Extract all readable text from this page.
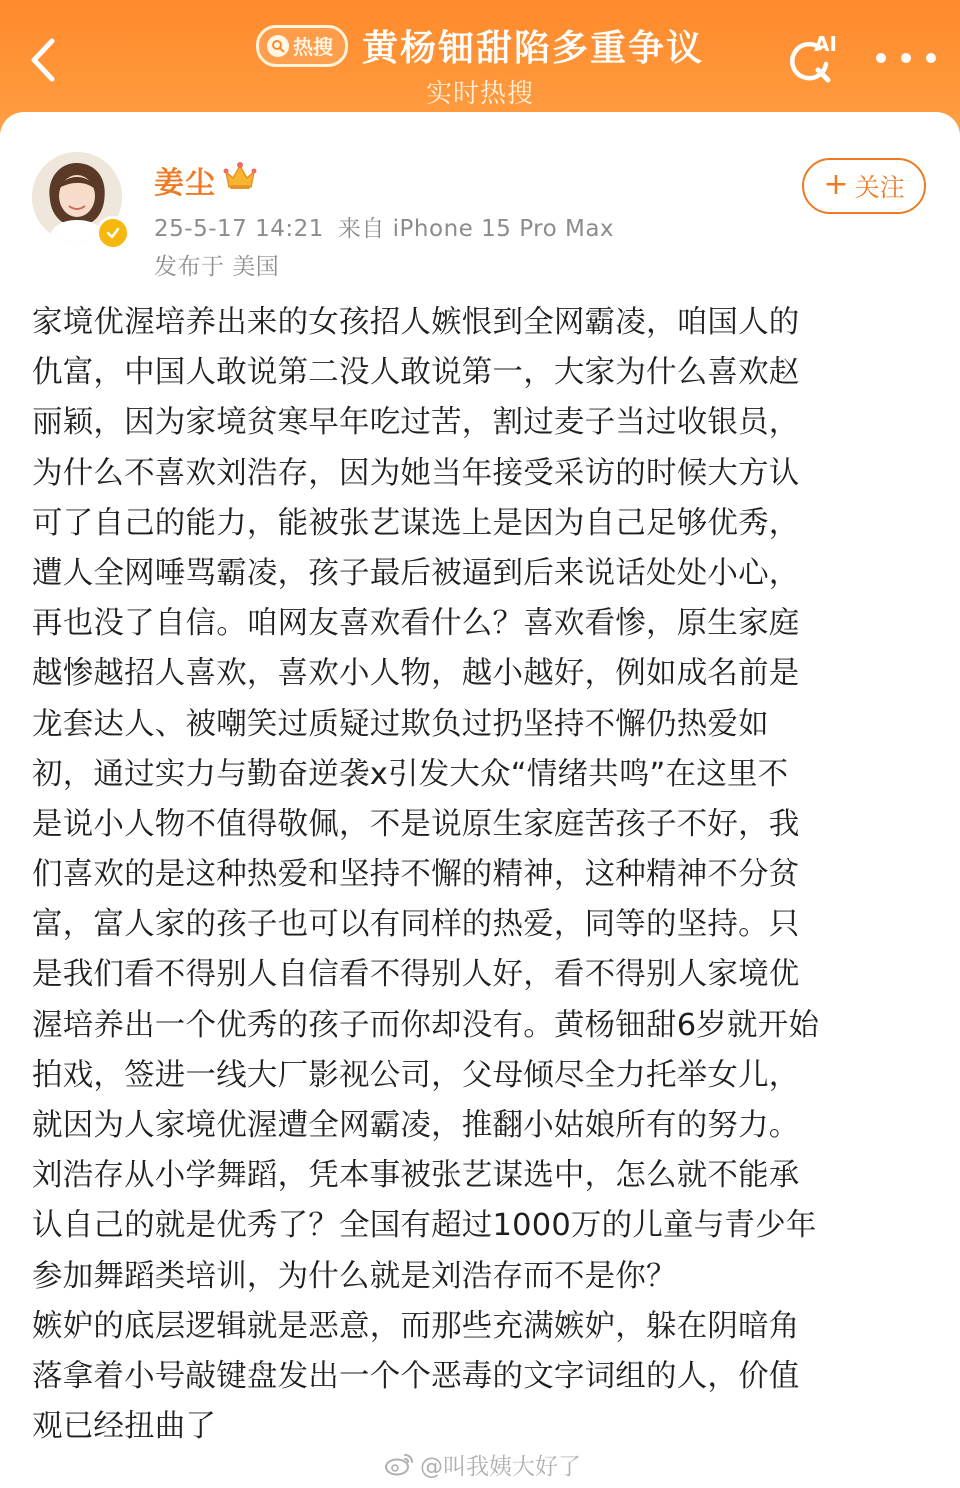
热搜 黄杨钿甜陷多重争议
实时热搜
AI
姜尘
25-5-17 14:21 来自 iPhone 15 Pro Max
发布于 美国
+ 关注
家境优渥培养出来的女孩招人嫉恨到全网霸凌，咱国人的
仇富，中国人敢说第二没人敢说第一，大家为什么喜欢赵
丽颖，因为家境贫寒早年吃过苦，割过麦子当过收银员，
为什么不喜欢刘浩存，因为她当年接受采访的时候大方认
可了自己的能力，能被张艺谋选上是因为自己足够优秀，
遭人全网唾骂霸凌，孩子最后被逼到后来说话处处小心，
再也没了自信。咱网友喜欢看什么？喜欢看惨，原生家庭
越惨越招人喜欢，喜欢小人物，越小越好，例如成名前是
龙套达人、被嘲笑过质疑过欺负过扔坚持不懈仍热爱如
初，通过实力与勤奋逆袭x引发大众“情绪共鸣”在这里不
是说小人物不值得敬佩，不是说原生家庭苦孩子不好，我
们喜欢的是这种热爱和坚持不懈的精神，这种精神不分贫
富，富人家的孩子也可以有同样的热爱，同等的坚持。只
是我们看不得别人自信看不得别人好，看不得别人家境优
渥培养出一个优秀的孩子而你却没有。黄杨钿甜6岁就开始
拍戏，签进一线大厂影视公司，父母倾尽全力托举女儿，
就因为人家境优渥遭全网霸凌，推翻小姑娘所有的努力。
刘浩存从小学舞蹈，凭本事被张艺谋选中，怎么就不能承
认自己的就是优秀了？全国有超过1000万的儿童与青少年
参加舞蹈类培训，为什么就是刘浩存而不是你？
嫉妒的底层逻辑就是恶意，而那些充满嫉妒，躲在阴暗角
落拿着小号敲键盘发出一个个恶毒的文字词组的人，价值
观已经扭曲了
@叫我姨大好了
